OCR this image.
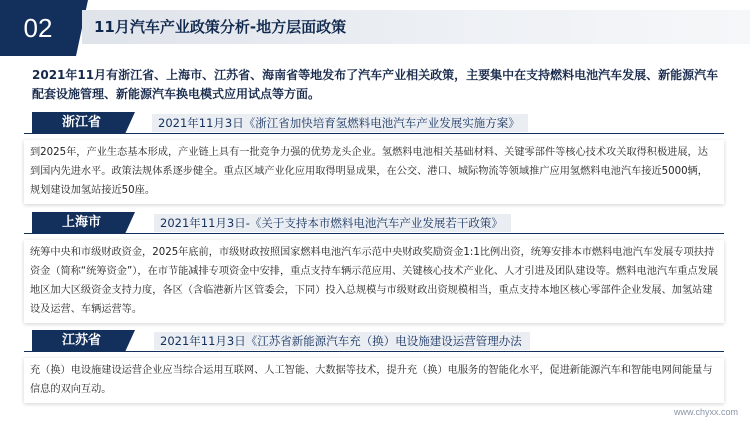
02	11月汽车产业政策分析-地方层面政策
2021年11月有浙江省、上海市、江苏省、海南省等地发布了汽车产业相关政策，主要集中在支持燃料电池汽车发展、新能源汽车配套设施管理、新能源汽车换电模式应用试点等方面。
浙江省	2021年11月3日《浙江省加快培育氢燃料电池汽车产业发展实施方案》
到2025年，产业生态基本形成，产业链上具有一批竞争力强的优势龙头企业。氢燃料电池相关基础材料、关键零部件等核心技术攻关取得积极进展，达到国内先进水平。政策法规体系逐步健全。重点区域产业化应用取得明显成果，在公交、港口、城际物流等领域推广应用氢燃料电池汽车接近5000辆，规划建设加氢站接近50座。
上海市	2021年11月3日-《关于支持本市燃料电池汽车产业发展若干政策》
统筹中央和市级财政资金，2025年底前，市级财政按照国家燃料电池汽车示范中央财政奖励资金1:1比例出资，统筹安排本市燃料电池汽车发展专项扶持资金（简称“统筹资金”），在市节能减排专项资金中安排，重点支持车辆示范应用、关键核心技术产业化、人才引进及团队建设等。燃料电池汽车重点发展地区加大区级资金支持力度，各区（含临港新片区管委会，下同）投入总规模与市级财政出资规模相当，重点支持本地区核心零部件企业发展、加氢站建设及运营、车辆运营等。
江苏省	2021年11月3日《江苏省新能源汽车充（换）电设施建设运营管理办法
充（换）电设施建设运营企业应当综合运用互联网、人工智能、大数据等技术，提升充（换）电服务的智能化水平，促进新能源汽车和智能电网间能量与信息的双向互动。
www.chyxx.com
